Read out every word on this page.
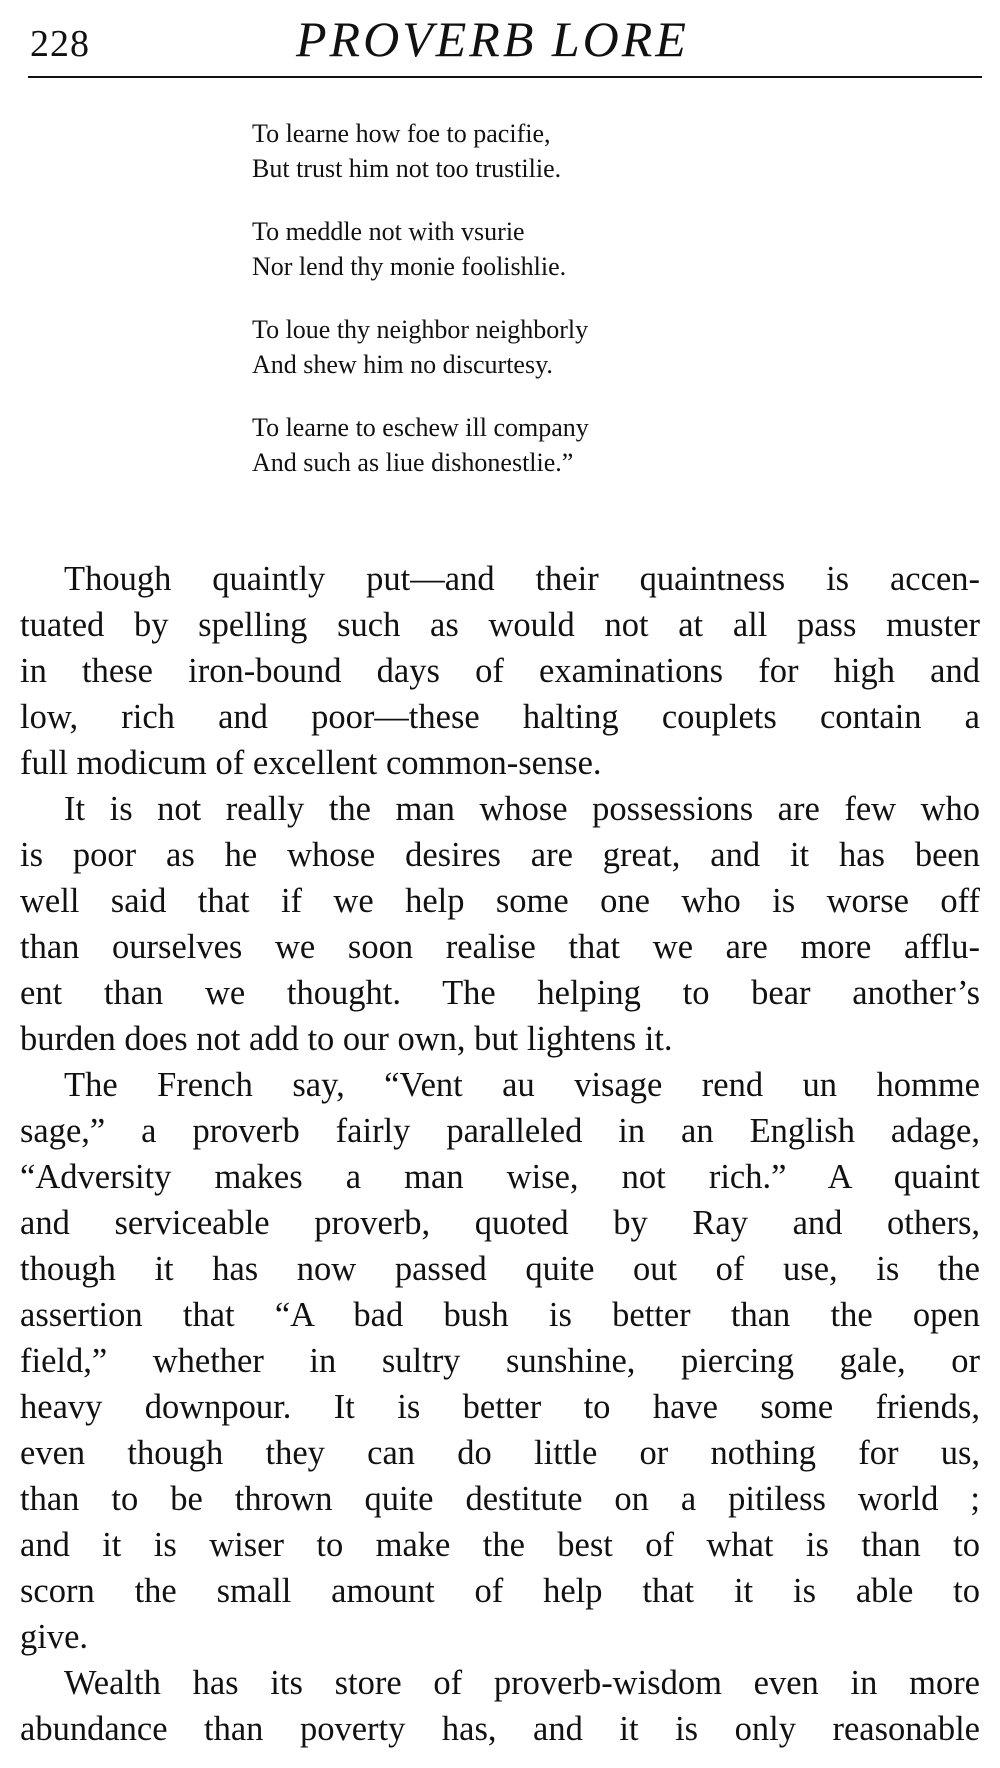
228	PROVERB LORE
To learne how foe to pacifie,
But trust him not too trustilie.
To meddle not with vsurie
Nor lend thy monie foolishlie.
To loue thy neighbor neighborly
And shew him no discurtesy.
To learne to eschew ill company
And such as liue dishonestlie.”

Though quaintly put—and their quaintness is accen-
tuated by spelling such as would not at all pass muster
in these iron-bound days of examinations for high and
low, rich and poor—these halting couplets contain a
full modicum of excellent common-sense.

It is not really the man whose possessions are few who
is poor as he whose desires are great, and it has been
well said that if we help some one who is worse off
than ourselves we soon realise that we are more afflu-
ent than we thought. The helping to bear another’s
burden does not add to our own, but lightens it.

The French say, “Vent au visage rend un homme
sage,” a proverb fairly paralleled in an English adage,
“Adversity makes a man wise, not rich.” A quaint
and serviceable proverb, quoted by Ray and others,
though it has now passed quite out of use, is the
assertion that “A bad bush is better than the open
field,” whether in sultry sunshine, piercing gale, or
heavy downpour. It is better to have some friends,
even though they can do little or nothing for us,
than to be thrown quite destitute on a pitiless world ;
and it is wiser to make the best of what is than to
scorn the small amount of help that it is able to
give.

Wealth has its store of proverb-wisdom even in more
abundance than poverty has, and it is only reasonable
